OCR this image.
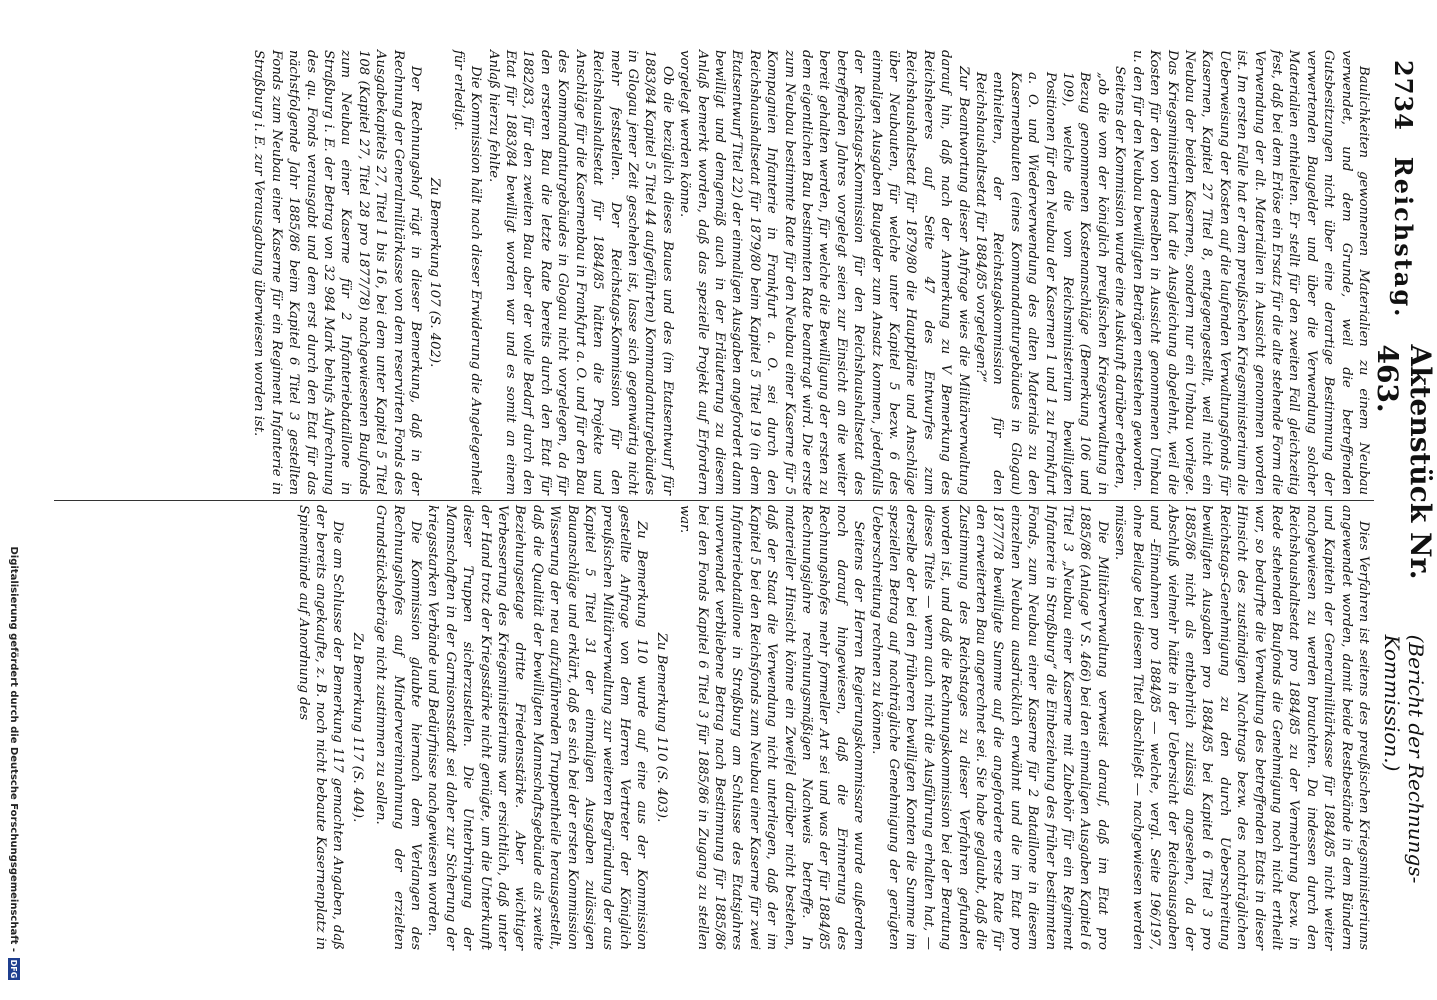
2734
Reichstag.
Aktenstück Nr. 463.
(Bericht der Rechnungs-Kommission.)

Baulichkeiten gewonnenen Materialien zu einem Neubau verwendet, und dem Grunde, weil die betreffenden Gutsbesitzungen nicht über eine derartige Bestimmung der verwertenden Baugelder und über die Verwendung solcher Materialien enthielten. Er stellt für den zweiten Fall gleichzeitig fest, daß bei dem Erlöse ein Ersatz für die alte stehende Form die Verwendung der alt. Materialien in Aussicht genommen worden ist. Im ersten Falle hat er dem preußischen Kriegsministerium die Ueberweisung der Kosten auf die laufenden Verwaltungsfonds für Kasernen, Kapitel 27 Titel 8, entgegengestellt, weil nicht ein Neubau der beiden Kasernen, sondern nur ein Umbau vorliege. Das Kriegsministerium hat die Ausgleichung abgelehnt, weil die Kosten für den von demselben in Aussicht genommenen Umbau u. den für den Neubau bewilligten Beträgen entstehen geworden.

Seitens der Kommission wurde eine Auskunft darüber erbeten,

„ob die vom der königlich preußischen Kriegsverwaltung in Bezug genommenen Kostenanschläge (Bemerkung 106 und 109), welche die vom Reichsministerium bewilligten Positionen für den Neubau der Kasernen 1 und 1 zu Frankfurt a. O. und Wiederverwendung des alten Materials zu den Kasernenbauten (eines Kommandanturgebäudes in Glogau) enthielten, der Reichstagskommission für den Reichshaushaltsetat für 1884/85 vorgelegen?“

Zur Beantwortung dieser Anfrage wies die Militärverwaltung darauf hin, daß nach der Anmerkung zu V Bemerkung des Reichsheeres auf Seite 47 des Entwurfes zum Reichshaushaltsetat für 1879/80 die Hauptpläne und Anschläge über Neubauten, für welche unter Kapitel 5 bezw. 6 des einmaligen Ausgaben Baugelder zum Ansatz kommen, jedenfalls der Reichstags-Kommission für den Reichshaushaltsetat des betreffenden Jahres vorgelegt seien zur Einsicht an die weiter bereit gehalten werden, für welche die Bewilligung der ersten zu dem eigentlichen Bau bestimmten Rate beantragt wird. Die erste zum Neubau bestimmte Rate für den Neubau einer Kaserne für 5 Kompagnien Infanterie in Frankfurt a. O. sei durch den Reichshaushaltsetat für 1879/80 beim Kapitel 5 Titel 19 (in dem Etatsentwurf Titel 22) der einmaligen Ausgaben angefordert dann bewilligt und demgemäß auch in der Erläuterung zu diesem Anlaß bemerkt worden, daß das spezielle Projekt auf Erfordern vorgelegt werden könne.

Ob die bezüglich dieses Baues und des (im Etatsentwurf für 1883/84 Kapitel 5 Titel 44 aufgeführten) Kommandanturgebäudes in Glogau jener Zeit geschehen ist, lasse sich gegenwärtig nicht mehr feststellen. Der Reichstags-Kommission für den Reichshaushaltsetat für 1884/85 hätten die Projekte und Anschläge für die Kasernenbau in Frankfurt a. O. und für den Bau des Kommandanturgebäudes in Glogau nicht vorgelegen, da für den ersteren Bau die letzte Rate bereits durch den Etat für 1882/83, für den zweiten Bau aber der volle Bedarf durch den Etat für 1883/84 bewilligt worden war und es somit an einem Anlaß hierzu fehlte.

Die Kommission hält nach dieser Erwiderung die Angelegenheit für erledigt.

Zu Bemerkung 107 (S. 402).

Der Rechnungshof rügt in dieser Bemerkung, daß in der Rechnung der Generalmilitärkasse von dem reservirten Fonds des Ausgabekapitels 27, Titel 1 bis 16, bei dem unter Kapitel 5 Titel 108 (Kapitel 27, Titel 28 pro 1877/78) nachgewiesenen Baufonds zum Neubau einer Kaserne für 2 Infanteriebataillone in Straßburg i. E. der Betrag von 32 984 Mark behufs Aufrechnung des qu. Fonds verausgabt und dem erst durch den Etat für das nächstfolgende Jahr 1885/86 beim Kapitel 6 Titel 3 gestellten Fonds zum Neubau einer Kaserne für ein Regiment Infanterie in Straßburg i. E. zur Verausgabung überwiesen worden ist.

Dies Verfahren ist seitens des preußischen Kriegsministeriums angewendet worden, damit beide Restbestände in dem Bündern und Kapiteln der Generalmilitärkasse für 1884/85 nicht weiter nachgewiesen zu werden brauchten. Da indessen durch den Reichshaushaltsetat pro 1884/85 zu der Vermehrung bezw. in Rede stehenden Baufonds die Genehmigung noch nicht ertheilt war, so bedurfte die Verwaltung des betreffenden Etats in dieser Hinsicht des zuständigen Nachtrags bezw. des nachträglichen Reichstags-Genehmigung zu den durch Ueberschreitung bewilligten Ausgaben pro 1884/85 bei Kapitel 6 Titel 3 pro 1885/86 nicht als entbehrlich zulässig angesehen, da der Abschluß vielmehr hätte in der Uebersicht der Reichsausgaben und -Einnahmen pro 1884/85 — welche, vergl. Seite 196/197, ohne Beilage bei diesem Titel abschließt — nachgewiesen werden müssen.

Die Militärverwaltung verweist darauf, daß im Etat pro 1885/86 (Anlage V S. 466) bei den einmaligen Ausgaben Kapitel 6 Titel 3 „Neubau einer Kaserne mit Zubehör für ein Regiment Infanterie in Straßburg“ die Einbeziehung des früher bestimmten Fonds, zum Neubau einer Kaserne für 2 Bataillone in diesem einzelnen Neubau ausdrücklich erwähnt und die im Etat pro 1877/78 bewilligte Summe auf die angeforderte erste Rate für den erweiterten Bau angerechnet sei. Sie habe geglaubt, daß die Zustimmung des Reichstages zu dieser Verfahren gefunden worden ist, und daß die Rechnungskommission bei der Beratung dieses Titels — wenn auch nicht die Ausführung erhalten hat, — derselbe der bei den früheren bewilligten Konten die Summe im speziellen Betrag auf nachträgliche Genehmigung der gerügten Ueberschreitung rechnen zu können.

Seitens der Herren Regierungskommissare wurde außerdem noch darauf hingewiesen, daß die Erinnerung des Rechnungshofes mehr formeller Art sei und was der für 1884/85 Rechnungsjahre rechnungsmäßigen Nachweis betreffe. In materieller Hinsicht könne ein Zweifel darüber nicht bestehen, daß der Staat die Verwendung nicht unterliegen, daß der im Kapitel 5 bei den Reichsfonds zum Neubau einer Kaserne für zwei Infanteriebataillone in Straßburg am Schlusse des Etatsjahres unverwendet verbliebene Betrag nach Bestimmung für 1885/86 bei den Fonds Kapitel 6 Titel 3 für 1885/86 in Zugang zu stellen war.

Zu Bemerkung 110 (S. 403).

Zu Bemerkung 110 wurde auf eine aus der Kommission gestellte Anfrage von dem Herren Vertreter der Königlich preußischen Militärverwaltung zur weiteren Begründung der aus Kapitel 5 Titel 31 der einmaligen Ausgaben zulässigen Bauanschläge und erklärt, daß es sich bei der ersten Kommission Wisserung der neu aufzuführenden Truppentheile herausgestellt, daß die Qualität der bewilligten Mannschaftsgebäude als zweite Beziehungsetage dritte Friedensstärke. Aber wichtiger Verbesserung des Kriegsministeriums war ersichtlich, daß unter der Hand trotz der Kriegsstärke nicht genügte, um die Unterkunft dieser Truppen sicherzustellen. Die Unterbringung der Mannschaften in der Garnisonsstadt sei daher zur Sicherung der kriegsstarken Verbände und Bedürfnisse nachgewiesen worden.

Die Kommission glaubte hiernach dem Verlangen des Rechnungshofes auf Mindervereinnahmung der erzielten Grundstücksbeträge nicht zustimmen zu sollen.

Zu Bemerkung 117 (S. 404).

Die am Schlusse der Bemerkung 117 gemachten Angaben, daß der bereits angekaufte, z. B. noch nicht bebaute Kasernenplatz in Spinemünde auf Anordnung des

Digitalisierung gefördert durch die Deutsche Forschungsgemeinschaft -
DFG
